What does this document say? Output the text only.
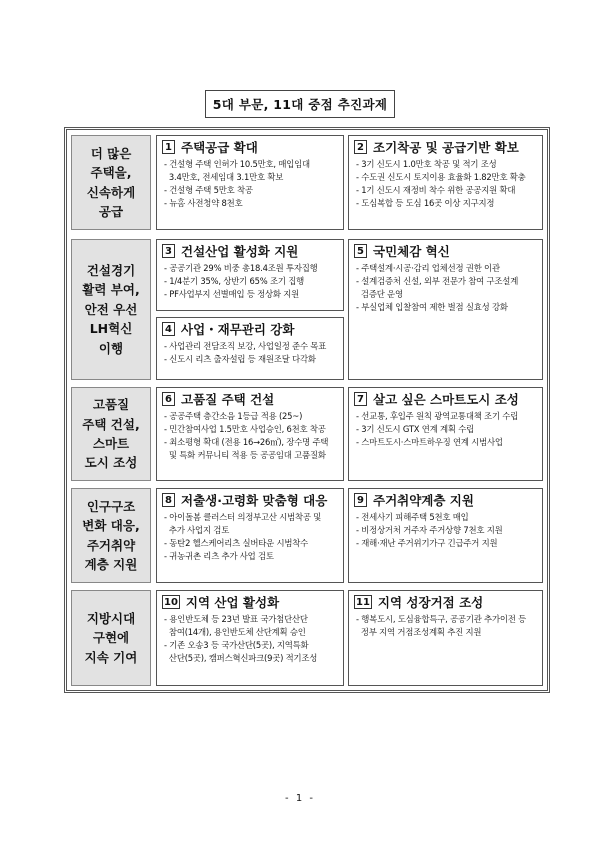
5대 부문, 11대 중점 추진과제
더 많은
주택을,
신속하게
공급
건설경기
활력 부여,
안전 우선
LH혁신
이행
고품질
주택 건설,
스마트
도시 조성
인구구조
변화 대응,
주거취약
계층 지원
지방시대
구현에
지속 기여
1 주택공급 확대
- 건설형 주택 인허가 10.5만호, 매입임대
3.4만호, 전세임대 3.1만호 확보
- 건설형 주택 5만호 착공
- 뉴홈 사전청약 8천호
2 조기착공 및 공급기반 확보
- 3기 신도시 1.0만호 착공 및 적기 조성
- 수도권 신도시 토지이용 효율화 1.82만호 확충
- 1기 신도시 재정비 착수 위한 공공지원 확대
- 도심복합 등 도심 16곳 이상 지구지정
3 건설산업 활성화 지원
- 공공기관 29% 비중 총18.4조원 투자집행
- 1/4분기 35%, 상반기 65% 조기 집행
- PF사업부지 선별매입 등 정상화 지원
4 사업・재무관리 강화
- 사업관리 전담조직 보강, 사업일정 준수 목표
- 신도시 리츠 출자설립 등 재원조달 다각화
5 국민체감 혁신
- 주택설계·시공·감리 업체선정 권한 이관
- 설계검증처 신설, 외부 전문가 참여 구조설계
검증단 운영
- 부실업체 입찰참여 제한 벌점 실효성 강화
6 고품질 주택 건설
- 공공주택 층간소음 1등급 적용 (25~)
- 민간참여사업 1.5만호 사업승인, 6천호 착공
- 최소평형 확대 (전용 16→26㎡), 장수명 주택
및 특화 커뮤니티 적용 등 공공임대 고품질화
7 살고 싶은 스마트도시 조성
- 선교통, 후입주 원칙 광역교통대책 조기 수립
- 3기 신도시 GTX 연계 계획 수립
- 스마트도시·스마트하우징 연계 시범사업
8 저출생·고령화 맞춤형 대응
- 아이돌봄 클러스터 의정부고산 시범착공 및
추가 사업지 검토
- 동탄2 헬스케어리츠 실버타운 시범착수
- 귀농귀촌 리츠 추가 사업 검토
9 주거취약계층 지원
- 전세사기 피해주택 5천호 매입
- 비정상거처 거주자 주거상향 7천호 지원
- 재해·재난 주거위기가구 긴급주거 지원
10 지역 산업 활성화
- 용인반도체 등 23년 발표 국가첨단산단
참여(14개), 용인반도체 산단계획 승인
- 기존 오송3 등 국가산단(5곳), 지역특화
산단(5곳), 캠퍼스혁신파크(9곳) 적기조성
11 지역 성장거점 조성
- 행복도시, 도심융합특구, 공공기관 추가이전 등
정부 지역 거점조성계획 추진 지원
- 1 -
